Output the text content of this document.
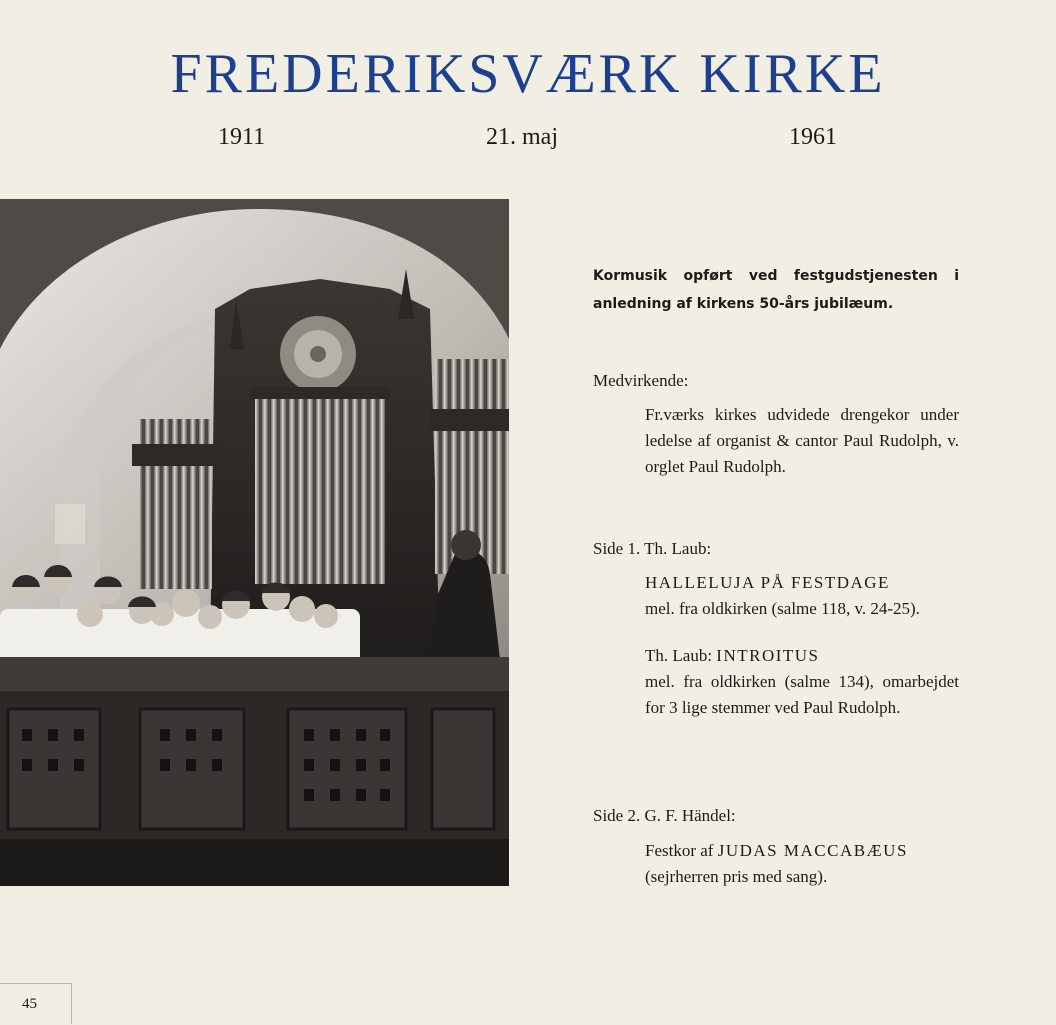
FREDERIKSVÆRK KIRKE
1911	21. maj	1961
Kormusik opført ved festgudstjenesten i anledning af kirkens 50-års jubilæum.
Medvirkende:
Fr.værks kirkes udvidede drengekor under ledelse af organist & cantor Paul Rudolph, v. orglet Paul Rudolph.
Side 1. Th. Laub:
HALLELUJA PÅ FESTDAGE
mel. fra oldkirken (salme 118, v. 24-25).
Th. Laub: INTROITUS
mel. fra oldkirken (salme 134), omarbejdet for 3 lige stemmer ved Paul Rudolph.
Side 2. G. F. Händel:
Festkor af JUDAS MACCABÆUS
(sejrherren pris med sang).
45
